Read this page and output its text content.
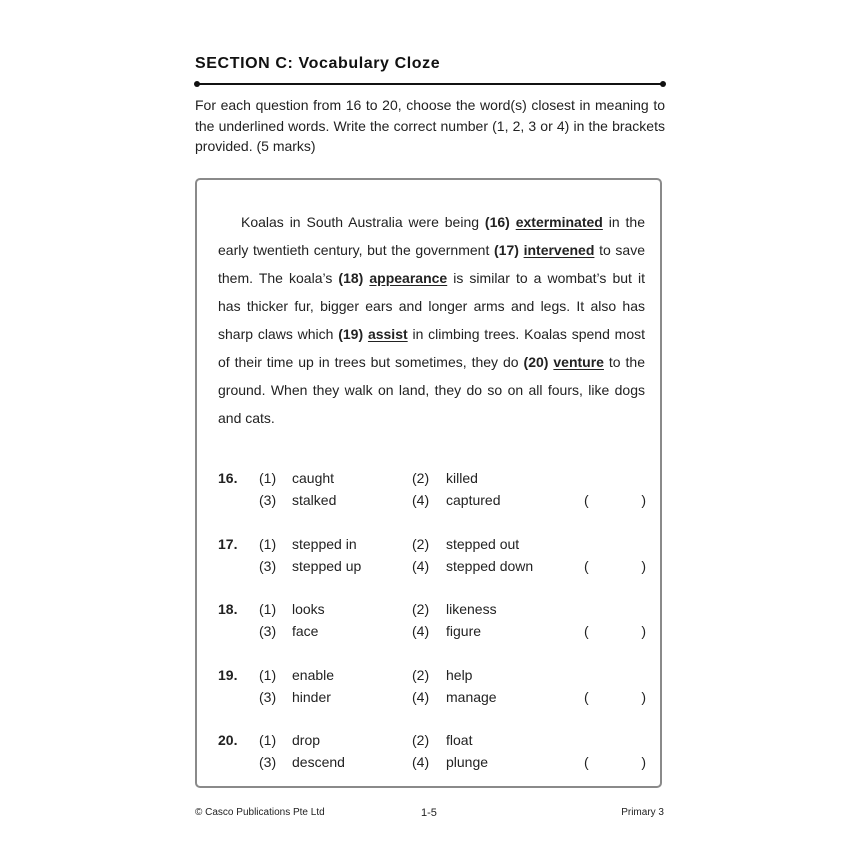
SECTION C: Vocabulary Cloze
For each question from 16 to 20, choose the word(s) closest in meaning to the underlined words. Write the correct number (1, 2, 3 or 4) in the brackets provided. (5 marks)
Koalas in South Australia were being (16) exterminated in the early twentieth century, but the government (17) intervened to save them. The koala’s (18) appearance is similar to a wombat’s but it has thicker fur, bigger ears and longer arms and legs. It also has sharp claws which (19) assist in climbing trees. Koalas spend most of their time up in trees but sometimes, they do (20) venture to the ground. When they walk on land, they do so on all fours, like dogs and cats.
16. (1) caught	(2) killed
(3) stalked	(4) captured	(	)
17. (1) stepped in	(2) stepped out
(3) stepped up	(4) stepped down	(	)
18. (1) looks	(2) likeness
(3) face	(4) figure	(	)
19. (1) enable	(2) help
(3) hinder	(4) manage	(	)
20. (1) drop	(2) float
(3) descend	(4) plunge	(	)
© Casco Publications Pte Ltd	1-5	Primary 3
